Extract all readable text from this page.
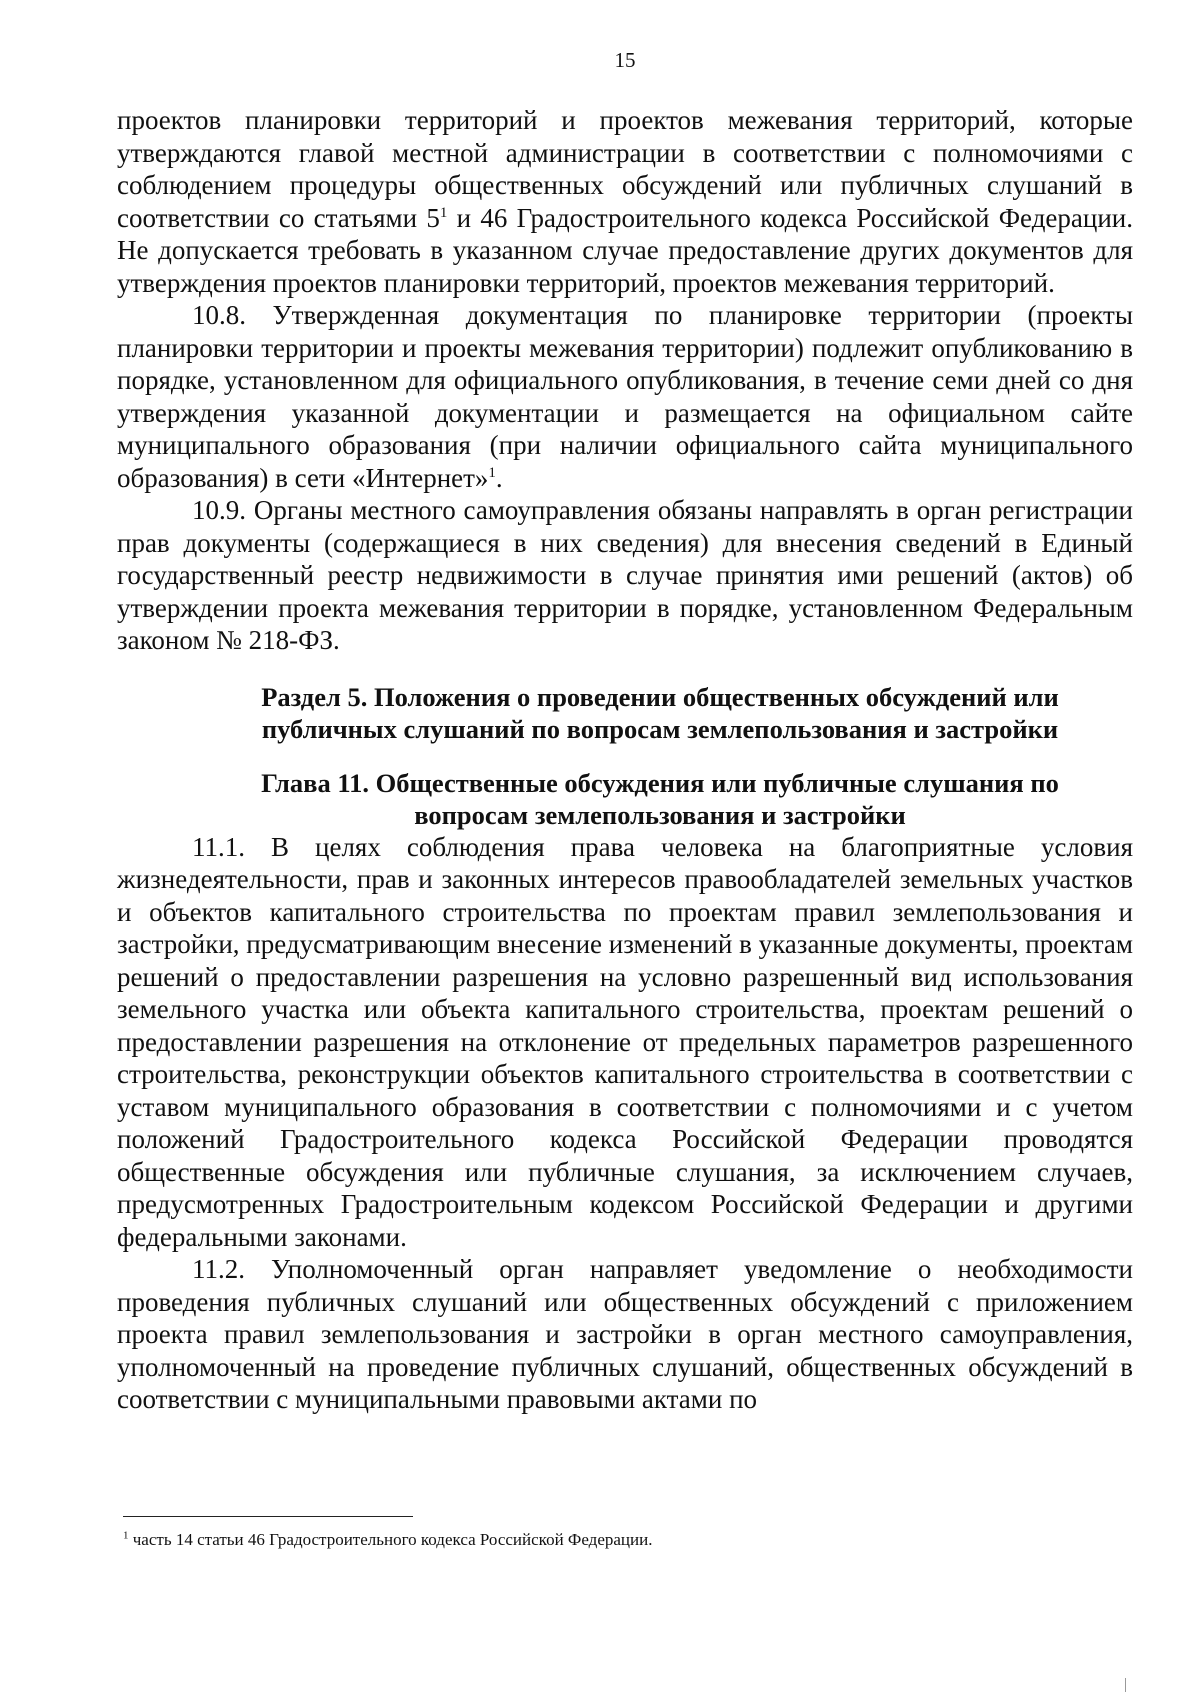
15

проектов планировки территорий и проектов межевания территорий, которые утверждаются главой местной администрации в соответствии с полномочиями с соблюдением процедуры общественных обсуждений или публичных слушаний в соответствии со статьями $5^1$ и 46 Градостроительного кодекса Российской Федерации. Не допускается требовать в указанном случае предоставление других документов для утверждения проектов планировки территорий, проектов межевания территорий.

10.8. Утвержденная документация по планировке территории (проекты планировки территории и проекты межевания территории) подлежит опубликованию в порядке, установленном для официального опубликования, в течение семи дней со дня утверждения указанной документации и размещается на официальном сайте муниципального образования (при наличии официального сайта муниципального образования) в сети «Интернет»$^1$.

10.9. Органы местного самоуправления обязаны направлять в орган регистрации прав документы (содержащиеся в них сведения) для внесения сведений в Единый государственный реестр недвижимости в случае принятия ими решений (актов) об утверждении проекта межевания территории в порядке, установленном Федеральным законом № 218-ФЗ.

Раздел 5. Положения о проведении общественных обсуждений или
публичных слушаний по вопросам землепользования и застройки
Глава 11. Общественные обсуждения или публичные слушания по
вопросам землепользования и застройки

11.1. В целях соблюдения права человека на благоприятные условия жизнедеятельности, прав и законных интересов правообладателей земельных участков и объектов капитального строительства по проектам правил землепользования и застройки, предусматривающим внесение изменений в указанные документы, проектам решений о предоставлении разрешения на условно разрешенный вид использования земельного участка или объекта капитального строительства, проектам решений о предоставлении разрешения на отклонение от предельных параметров разрешенного строительства, реконструкции объектов капитального строительства в соответствии с уставом муниципального образования в соответствии с полномочиями и с учетом положений Градостроительного кодекса Российской Федерации проводятся общественные обсуждения или публичные слушания, за исключением случаев, предусмотренных Градостроительным кодексом Российской Федерации и другими федеральными законами.

11.2. Уполномоченный орган направляет уведомление о необходимости проведения публичных слушаний или общественных обсуждений с приложением проекта правил землепользования и застройки в орган местного самоуправления, уполномоченный на проведение публичных слушаний, общественных обсуждений в соответствии с муниципальными правовыми актами по

$^1$ часть 14 статьи 46 Градостроительного кодекса Российской Федерации.
